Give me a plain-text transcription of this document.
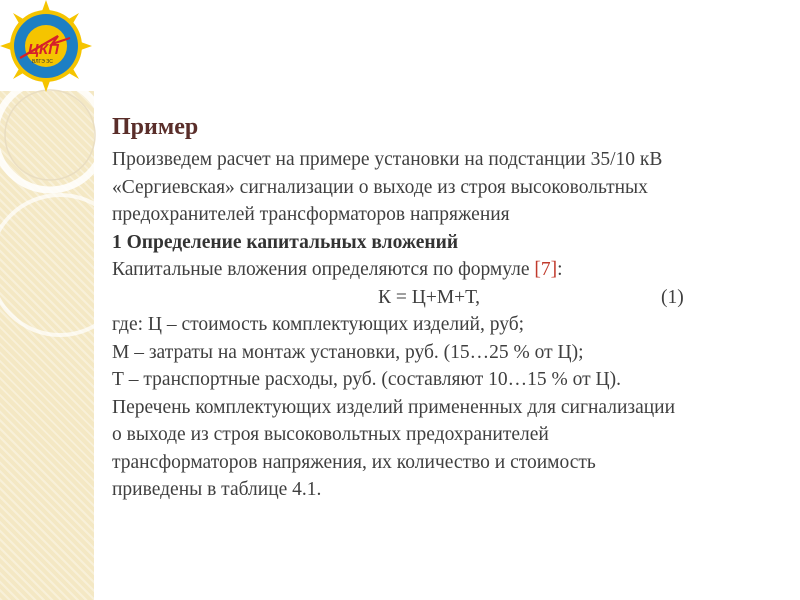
ЦКП
ВЛГЭ ЗС
Пример

Произведем расчет на примере установки на подстанции 35/10 кВ

«Сергиевская» сигнализации о выходе из строя высоковольтных

предохранителей трансформаторов напряжения

1 Определение капитальных вложений

Капитальные вложения определяются по формуле [7]:

К = Ц+М+Т,	(1)

где: Ц – стоимость комплектующих изделий, руб;

М – затраты на монтаж установки, руб. (15…25 % от Ц);

Т – транспортные расходы, руб. (составляют 10…15 % от Ц).

Перечень комплектующих изделий примененных для сигнализации

о выходе из строя высоковольтных предохранителей

трансформаторов напряжения, их количество и стоимость

приведены в таблице 4.1.
